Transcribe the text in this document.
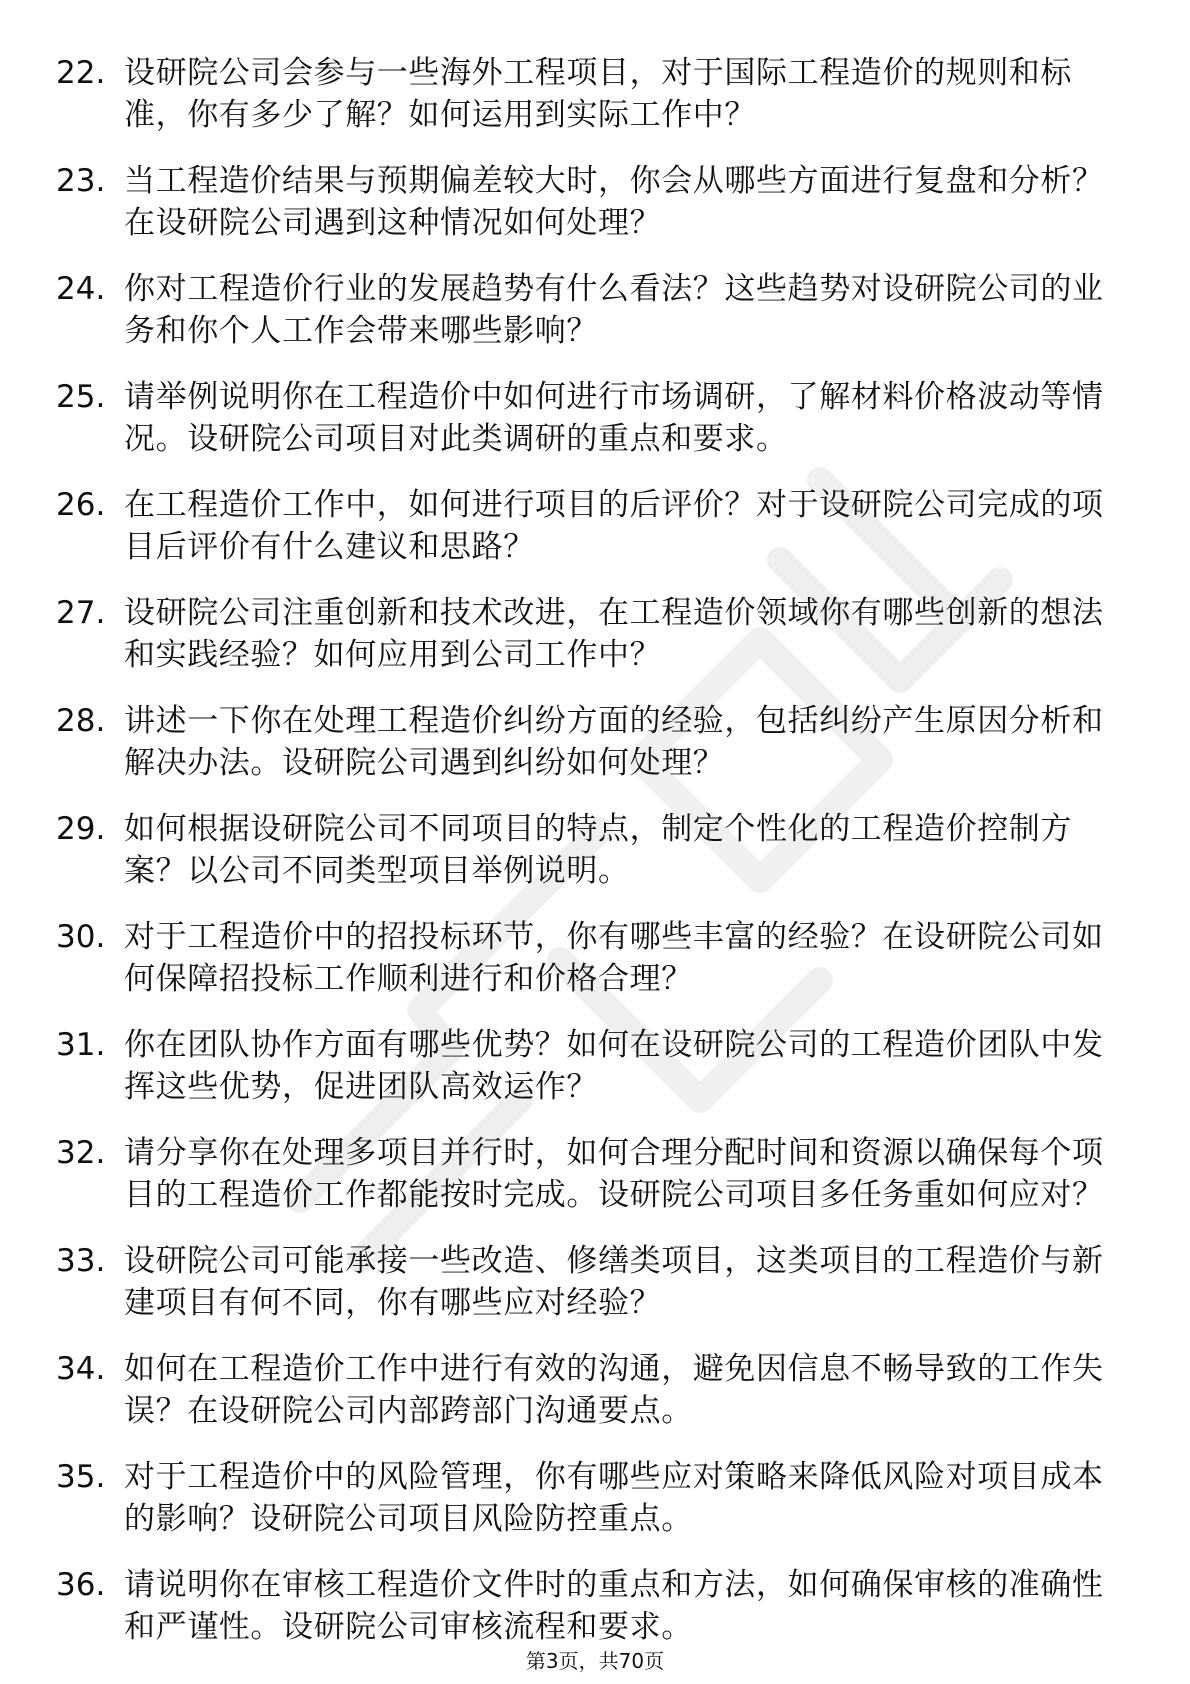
22. 设研院公司会参与一些海外工程项目，对于国际工程造价的规则和标准，你有多少了解？如何运用到实际工作中？
23. 当工程造价结果与预期偏差较大时，你会从哪些方面进行复盘和分析？在设研院公司遇到这种情况如何处理？
24. 你对工程造价行业的发展趋势有什么看法？这些趋势对设研院公司的业务和你个人工作会带来哪些影响？
25. 请举例说明你在工程造价中如何进行市场调研，了解材料价格波动等情况。设研院公司项目对此类调研的重点和要求。
26. 在工程造价工作中，如何进行项目的后评价？对于设研院公司完成的项目后评价有什么建议和思路？
27. 设研院公司注重创新和技术改进，在工程造价领域你有哪些创新的想法和实践经验？如何应用到公司工作中？
28. 讲述一下你在处理工程造价纠纷方面的经验，包括纠纷产生原因分析和解决办法。设研院公司遇到纠纷如何处理？
29. 如何根据设研院公司不同项目的特点，制定个性化的工程造价控制方案？以公司不同类型项目举例说明。
30. 对于工程造价中的招投标环节，你有哪些丰富的经验？在设研院公司如何保障招投标工作顺利进行和价格合理？
31. 你在团队协作方面有哪些优势？如何在设研院公司的工程造价团队中发挥这些优势，促进团队高效运作？
32. 请分享你在处理多项目并行时，如何合理分配时间和资源以确保每个项目的工程造价工作都能按时完成。设研院公司项目多任务重如何应对？
33. 设研院公司可能承接一些改造、修缮类项目，这类项目的工程造价与新建项目有何不同，你有哪些应对经验？
34. 如何在工程造价工作中进行有效的沟通，避免因信息不畅导致的工作失误？在设研院公司内部跨部门沟通要点。
35. 对于工程造价中的风险管理，你有哪些应对策略来降低风险对项目成本的影响？设研院公司项目风险防控重点。
36. 请说明你在审核工程造价文件时的重点和方法，如何确保审核的准确性和严谨性。设研院公司审核流程和要求。
第3页，共70页
